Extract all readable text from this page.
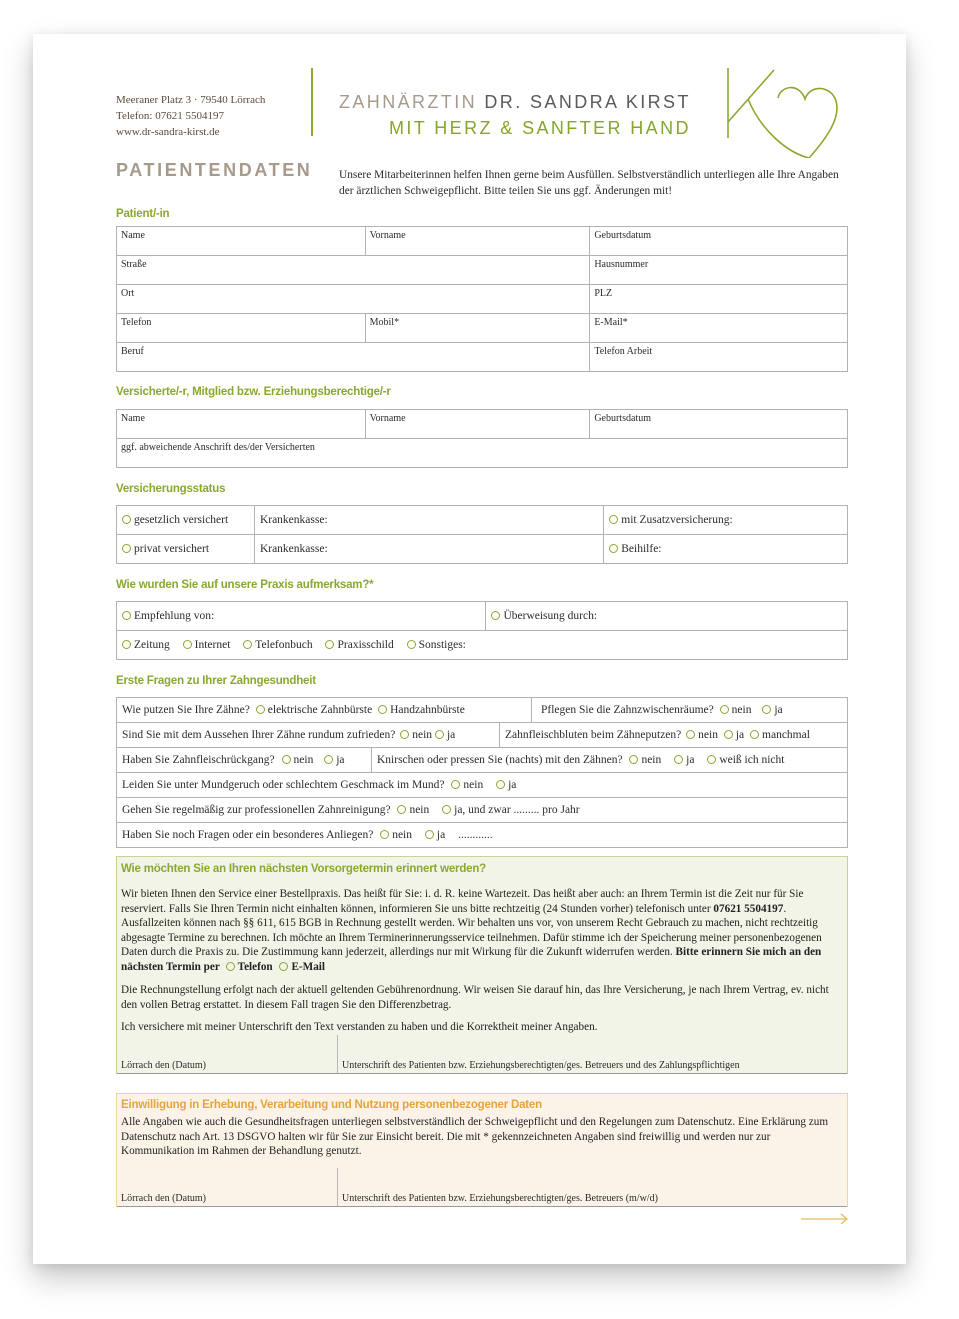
Meeraner Platz 3 · 79540 Lörrach
Telefon: 07621 5504197
www.dr-sandra-kirst.de
ZAHNÄRZTIN DR. SANDRA KIRST
MIT HERZ & SANFTER HAND
PATIENTENDATEN Unsere Mitarbeiterinnen helfen Ihnen gerne beim Ausfüllen. Selbstverständlich unterliegen alle Ihre Angaben der ärztlichen Schweigepflicht. Bitte teilen Sie uns ggf. Änderungen mit!
Patient/-in
Name	Vorname	Geburtsdatum
Straße		Hausnummer
Ort		PLZ
Telefon	Mobil*	E-Mail*
Beruf		Telefon Arbeit
Versicherte/-r, Mitglied bzw. Erziehungsberechtige/-r
Name	Vorname	Geburtsdatum
ggf. abweichende Anschrift des/der Versicherten
Versicherungsstatus
gesetzlich versichert	Krankenkasse:	mit Zusatzversicherung:
privat versichert	Krankenkasse:	Beihilfe:
Wie wurden Sie auf unsere Praxis aufmerksam?*
Empfehlung von:	Überweisung durch:
Zeitung Internet Telefonbuch Praxisschild Sonstiges:
Erste Fragen zu Ihrer Zahngesundheit
Wie putzen Sie Ihre Zähne? elektrische Zahnbürste Handzahnbürste	Pflegen Sie die Zahnzwischenräume? nein ja
Sind Sie mit dem Aussehen Ihrer Zähne rundum zufrieden? nein ja	Zahnfleischbluten beim Zähneputzen? nein ja manchmal
Haben Sie Zahnfleischrückgang? nein ja	Knirschen oder pressen Sie (nachts) mit den Zähnen? nein ja weiß ich nicht
Leiden Sie unter Mundgeruch oder schlechtem Geschmack im Mund? nein ja
Gehen Sie regelmäßig zur professionellen Zahnreinigung? nein ja, und zwar ......... pro Jahr
Haben Sie noch Fragen oder ein besonderes Anliegen? nein ja ............
Wie möchten Sie an Ihren nächsten Vorsorgetermin erinnert werden?
Wir bieten Ihnen den Service einer Bestellpraxis. Das heißt für Sie: i. d. R. keine Wartezeit. Das heißt aber auch: an Ihrem Termin ist die Zeit nur für Sie reserviert. Falls Sie Ihren Termin nicht einhalten können, informieren Sie uns bitte rechtzeitig (24 Stunden vorher) telefonisch unter 07621 5504197. Ausfallzeiten können nach §§ 611, 615 BGB in Rechnung gestellt werden. Wir behalten uns vor, von unserem Recht Gebrauch zu machen, nicht rechtzeitig abgesagte Termine zu berechnen. Ich möchte an Ihrem Terminerinnerungsservice teilnehmen. Dafür stimme ich der Speicherung meiner personenbezogenen Daten durch die Praxis zu. Die Zustimmung kann jederzeit, allerdings nur mit Wirkung für die Zukunft widerrufen werden. Bitte erinnern Sie mich an den nächsten Termin per Telefon E-Mail
Die Rechnungstellung erfolgt nach der aktuell geltenden Gebührenordnung. Wir weisen Sie darauf hin, das Ihre Versicherung, je nach Ihrem Vertrag, ev. nicht den vollen Betrag erstattet. In diesem Fall tragen Sie den Differenzbetrag.
Ich versichere mit meiner Unterschrift den Text verstanden zu haben und die Korrektheit meiner Angaben.
Lörrach den (Datum)	Unterschrift des Patienten bzw. Erziehungsberechtigten/ges. Betreuers und des Zahlungspflichtigen
Einwilligung in Erhebung, Verarbeitung und Nutzung personenbezogener Daten
Alle Angaben wie auch die Gesundheitsfragen unterliegen selbstverständlich der Schweigepflicht und den Regelungen zum Datenschutz. Eine Erklärung zum Datenschutz nach Art. 13 DSGVO halten wir für Sie zur Einsicht bereit. Die mit * gekennzeichneten Angaben sind freiwillig und werden nur zur Kommunikation im Rahmen der Behandlung genutzt.
Lörrach den (Datum)	Unterschrift des Patienten bzw. Erziehungsberechtigten/ges. Betreuers (m/w/d)
